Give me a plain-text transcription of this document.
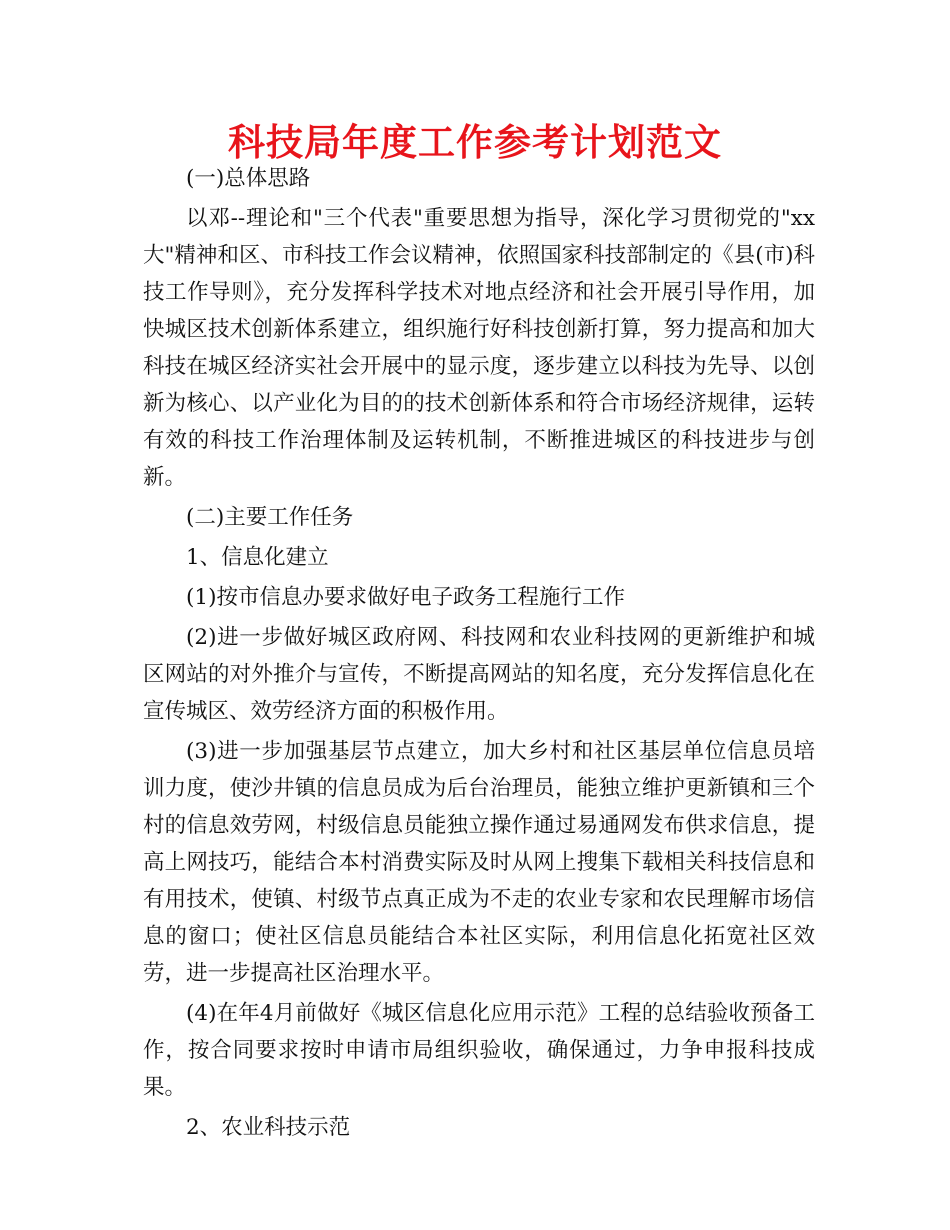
科技局年度工作参考计划范文

(一)总体思路

以邓--理论和"三个代表"重要思想为指导，深化学习贯彻党的"xx大"精神和区、市科技工作会议精神，依照国家科技部制定的《县(市)科技工作导则》，充分发挥科学技术对地点经济和社会开展引导作用，加快城区技术创新体系建立，组织施行好科技创新打算，努力提高和加大科技在城区经济实社会开展中的显示度，逐步建立以科技为先导、以创新为核心、以产业化为目的的技术创新体系和符合市场经济规律，运转有效的科技工作治理体制及运转机制，不断推进城区的科技进步与创新。

(二)主要工作任务

1、信息化建立

(1)按市信息办要求做好电子政务工程施行工作

(2)进一步做好城区政府网、科技网和农业科技网的更新维护和城区网站的对外推介与宣传，不断提高网站的知名度，充分发挥信息化在宣传城区、效劳经济方面的积极作用。

(3)进一步加强基层节点建立，加大乡村和社区基层单位信息员培训力度，使沙井镇的信息员成为后台治理员，能独立维护更新镇和三个村的信息效劳网，村级信息员能独立操作通过易通网发布供求信息，提高上网技巧，能结合本村消费实际及时从网上搜集下载相关科技信息和有用技术，使镇、村级节点真正成为不走的农业专家和农民理解市场信息的窗口；使社区信息员能结合本社区实际，利用信息化拓宽社区效劳，进一步提高社区治理水平。

(4)在年4月前做好《城区信息化应用示范》工程的总结验收预备工作，按合同要求按时申请市局组织验收，确保通过，力争申报科技成果。

2、农业科技示范
